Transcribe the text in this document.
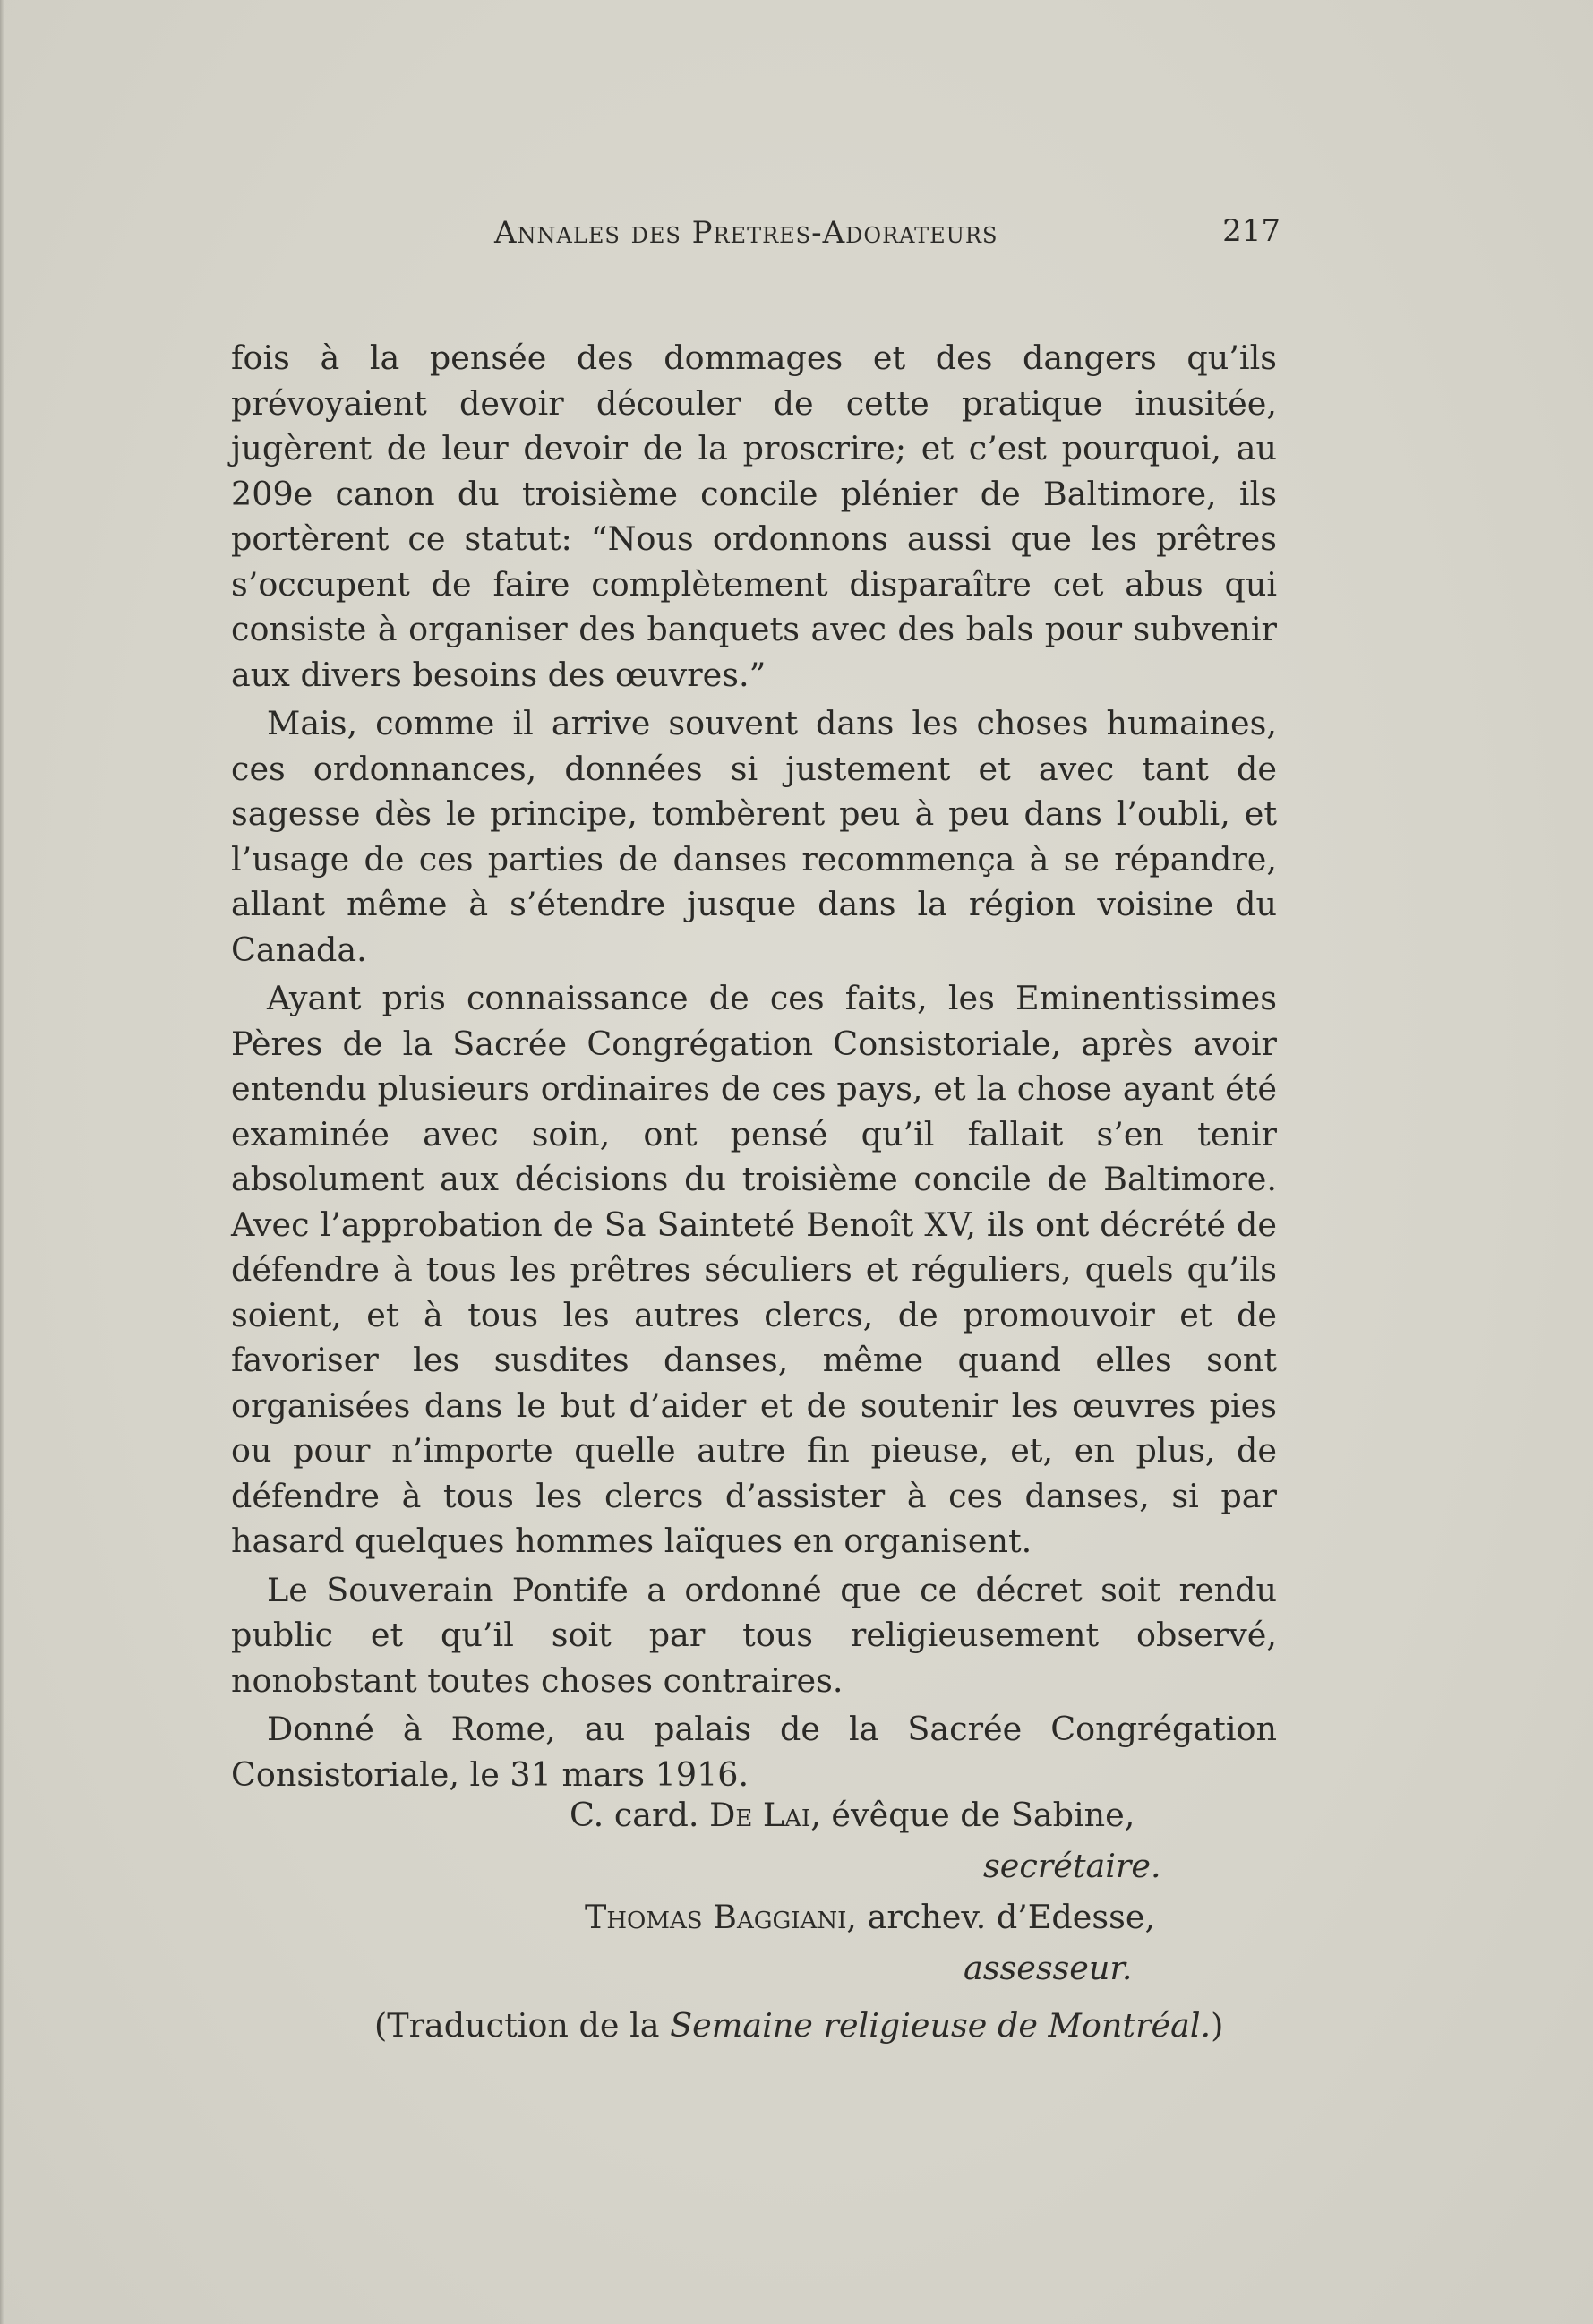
Annales des Pretres-Adorateurs	217

fois à la pensée des dommages et des dangers qu’ils prévoyaient devoir découler de cette pratique inusitée, jugèrent de leur devoir de la proscrire; et c’est pourquoi, au 209e canon du troisième concile plénier de Baltimore, ils portèrent ce statut: “Nous ordonnons aussi que les prêtres s’occupent de faire complètement disparaître cet abus qui consiste à organiser des banquets avec des bals pour subvenir aux divers besoins des œuvres.”

Mais, comme il arrive souvent dans les choses humaines, ces ordonnances, données si justement et avec tant de sagesse dès le principe, tombèrent peu à peu dans l’oubli, et l’usage de ces parties de danses recommença à se répandre, allant même à s’étendre jusque dans la région voisine du Canada.

Ayant pris connaissance de ces faits, les Eminentissimes Pères de la Sacrée Congrégation Consistoriale, après avoir entendu plusieurs ordinaires de ces pays, et la chose ayant été examinée avec soin, ont pensé qu’il fallait s’en tenir absolument aux décisions du troisième concile de Baltimore. Avec l’approbation de Sa Sainteté Benoît XV, ils ont décrété de défendre à tous les prêtres séculiers et réguliers, quels qu’ils soient, et à tous les autres clercs, de promouvoir et de favoriser les susdites danses, même quand elles sont organisées dans le but d’aider et de soutenir les œuvres pies ou pour n’importe quelle autre fin pieuse, et, en plus, de défendre à tous les clercs d’assister à ces danses, si par hasard quelques hommes laïques en organisent.

Le Souverain Pontife a ordonné que ce décret soit rendu public et qu’il soit par tous religieusement observé, nonobstant toutes choses contraires.

Donné à Rome, au palais de la Sacrée Congrégation Consistoriale, le 31 mars 1916.

C. card. De Lai, évêque de Sabine,
secrétaire.
Thomas Baggiani, archev. d’Edesse,
assesseur.
(Traduction de la Semaine religieuse de Montréal.)
